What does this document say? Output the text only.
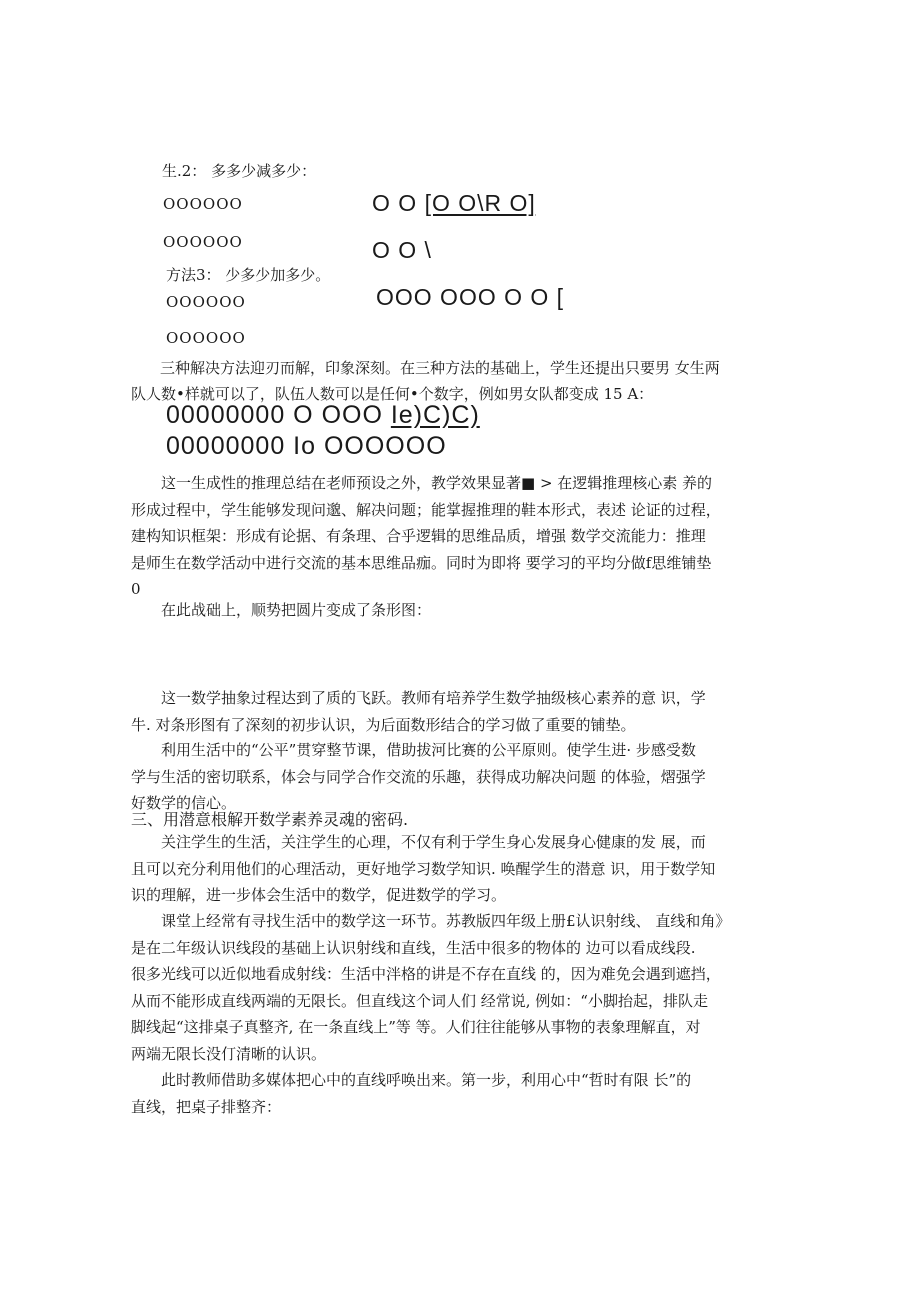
生.2： 多多少减多少：
OOOOOO	O O [O O\R O]
OOOOOO	O O \
方法3： 少多少加多少。
OOOOOO	OOO OOO O O [
OOOOOO
三种解决方法迎刃而解，印象深刻。在三种方法的基础上，学生还提出只要男 女生两
队人数•样就可以了，队伍人数可以是任何•个数字，例如男女队都变成 15 A：
00000000 O OOO Ie)C)C)
00000000 Io OOOOOO
这一生成性的推理总结在老师预设之外，教学效果显著■ > 在逻辑推理核心素 养的
形成过程中，学生能够发现问邈、解决问题；能掌握推理的鞋本形式，表述 论证的过程，
建构知识框架：形成有论据、有条理、合乎逻辑的思维品质，增强 数学交流能力：推理
是师生在数学活动中进行交流的基本思维品痂。同时为即将 要学习的平均分做f思维铺垫
0
在此战础上，顺势把圆片变成了条形图：
这一数学抽象过程达到了质的飞跃。教师有培养学生数学抽级核心素养的意 识，学
牛. 对条形图有了深刻的初步认识，为后面数形结合的学习做了重要的铺垫。
利用生活中的“公平”贯穿整节课，借助拔河比赛的公平原则。使学生进· 步感受数
学与生活的密切联系，体会与同学合作交流的乐趣，获得成功解决问题 的体验，熠强学
好数学的信心。
三、用潜意根解开数学素养灵魂的密码.
关注学生的生活，关注学生的心理，不仅有利于学生身心发展身心健康的发 展，而
且可以充分利用他们的心理活动，更好地学习数学知识. 唤醒学生的潜意 识，用于数学知
识的理解，进一步体会生活中的数学，促进数学的学习。
课堂上经常有寻找生活中的数学这一环节。苏教版四年级上册£认识射线、 直线和角》
是在二年级认识线段的基础上认识射线和直线，生活中很多的物体的 边可以看成线段.
很多光线可以近似地看成射线：生活中泮格的讲是不存在直线 的，因为难免会遇到遮挡，
从而不能形成直线两端的无限长。但直线这个词人们 经常说, 例如：“小脚抬起，排队走
脚线起“这排桌子真整齐, 在一条直线上”等 等。人们往往能够从事物的表象理解直，对
两端无限长没仃清晰的认识。
此时教师借助多媒体把心中的直线呼唤出来。第一步，利用心中“哲时有限 长”的
直线，把桌子排整齐：
